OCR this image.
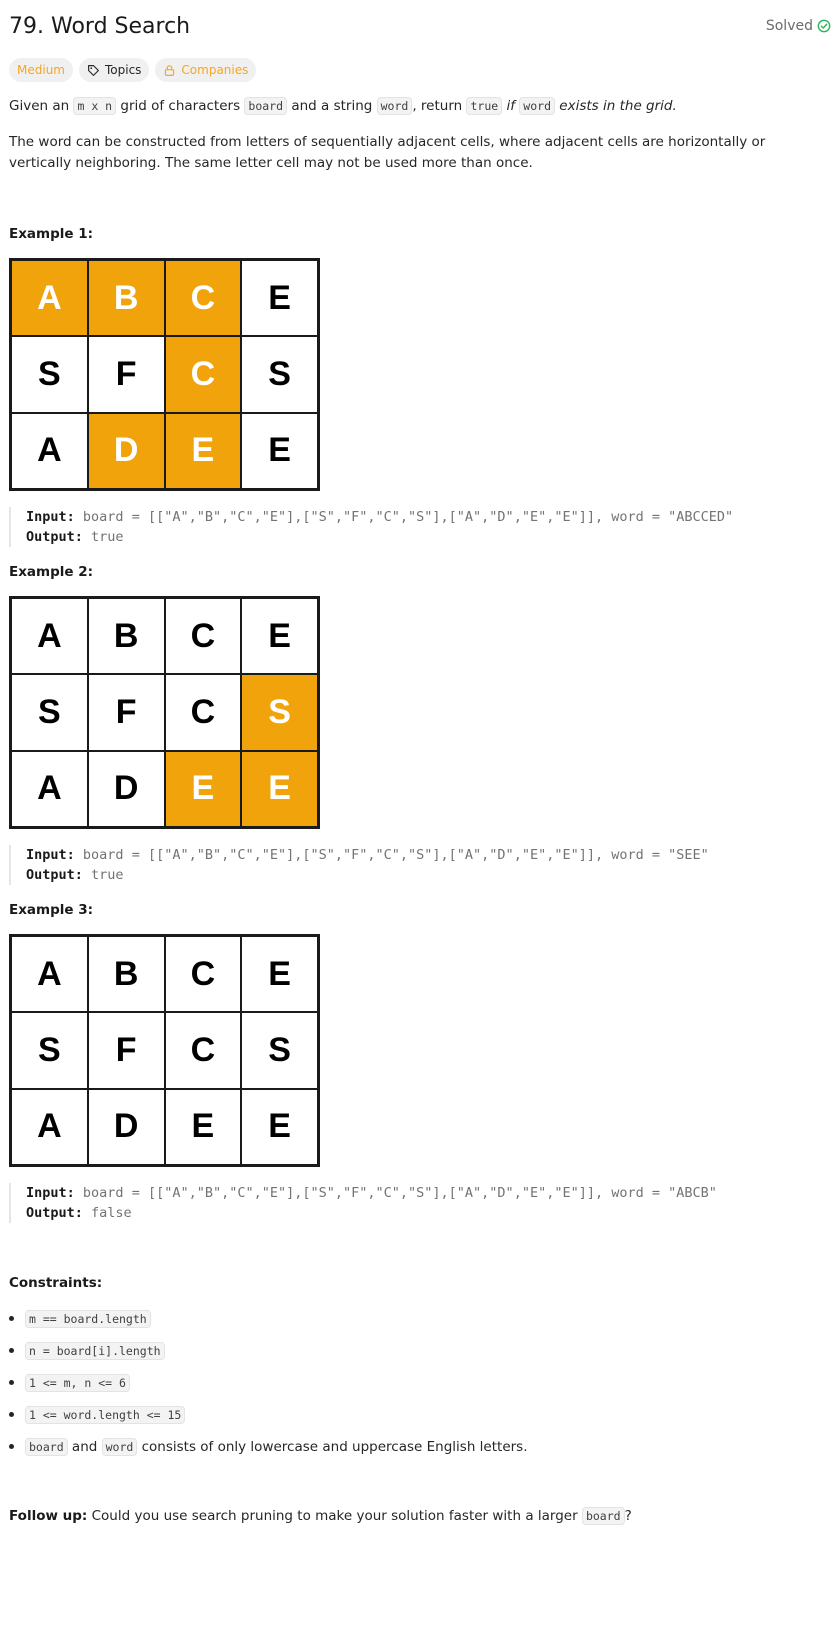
79. Word Search	Solved
Medium	Topics	Companies
Given an m x n grid of characters board and a string word , return true if word exists in the grid.
The word can be constructed from letters of sequentially adjacent cells, where adjacent cells are horizontally or vertically neighboring. The same letter cell may not be used more than once.
Example 1:
A	B	C	E
S	F	C	S
A	D	E	E
Input: board = [["A","B","C","E"],["S","F","C","S"],["A","D","E","E"]], word = "ABCCED"
Output: true
Example 2:
A	B	C	E
S	F	C	S
A	D	E	E
Input: board = [["A","B","C","E"],["S","F","C","S"],["A","D","E","E"]], word = "SEE"
Output: true
Example 3:
A	B	C	E
S	F	C	S
A	D	E	E
Input: board = [["A","B","C","E"],["S","F","C","S"],["A","D","E","E"]], word = "ABCB"
Output: false
Constraints:
m == board.length
n = board[i].length
1 <= m, n <= 6
1 <= word.length <= 15
board and word consists of only lowercase and uppercase English letters.
Follow up: Could you use search pruning to make your solution faster with a larger board ?
